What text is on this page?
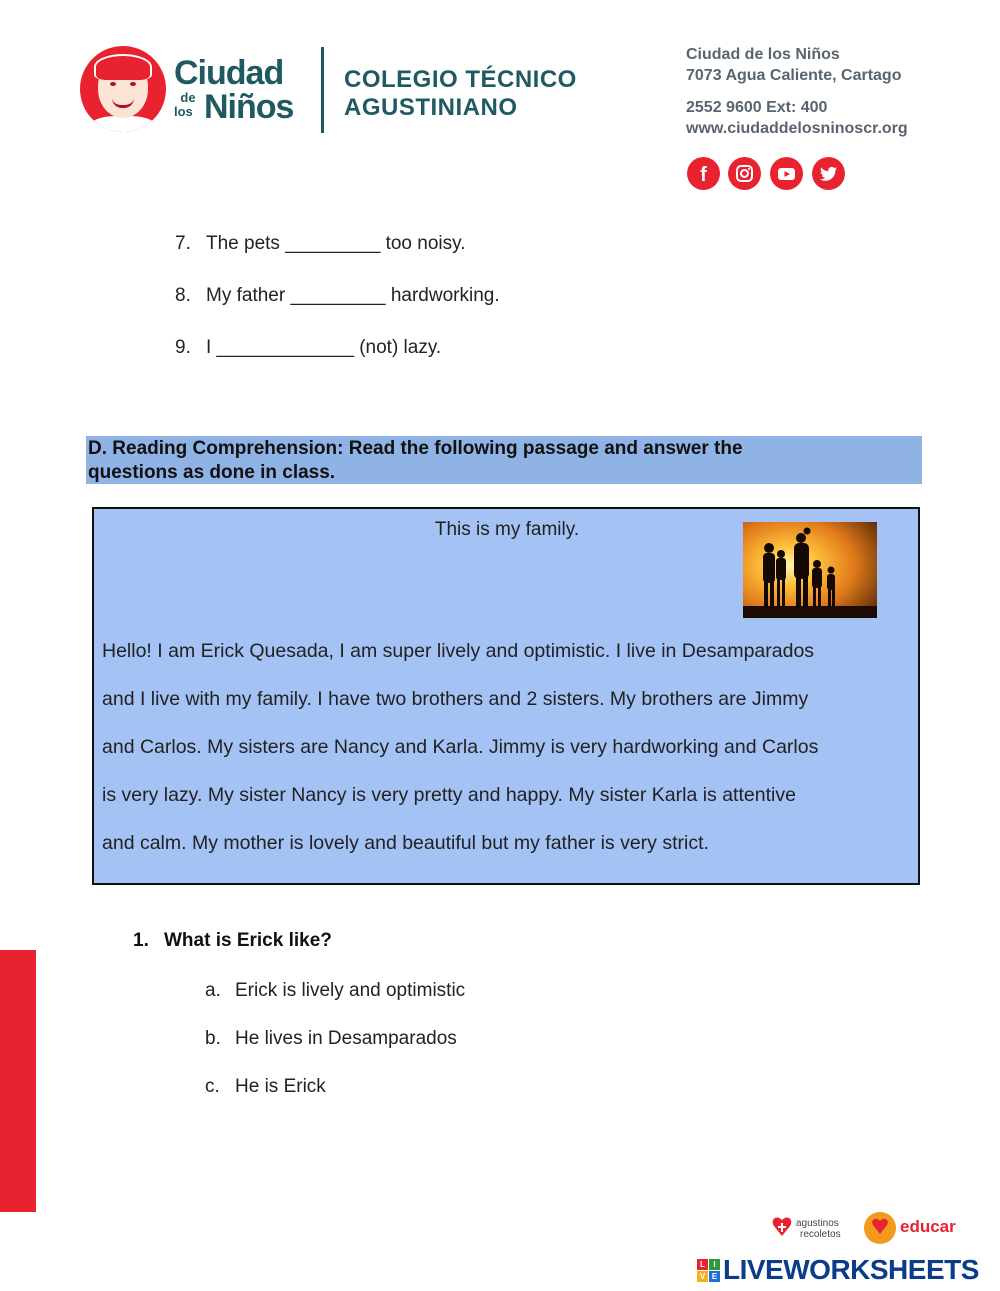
Ciudad
de
los Niños
COLEGIO TÉCNICO
AGUSTINIANO
Ciudad de los Niños
7073 Agua Caliente, Cartago
2552 9600 Ext: 400
www.ciudaddelosninoscr.org
f
7. The pets _________ too noisy.
8. My father _________ hardworking.
9. I _____________ (not) lazy.
D. Reading Comprehension: Read the following passage and answer the
questions as done in class.
This is my family.
Hello! I am Erick Quesada, I am super lively and optimistic. I live in Desamparados
and I live with my family. I have two brothers and 2 sisters. My brothers are Jimmy
and Carlos. My sisters are Nancy and Karla. Jimmy is very hardworking and Carlos
is very lazy. My sister Nancy is very pretty and happy. My sister Karla is attentive
and calm. My mother is lovely and beautiful but my father is very strict.
1. What is Erick like?
a. Erick is lively and optimistic
b. He lives in Desamparados
c. He is Erick
agustinos
recoletos	educar
L	I
V E LIVEWORKSHEETS
